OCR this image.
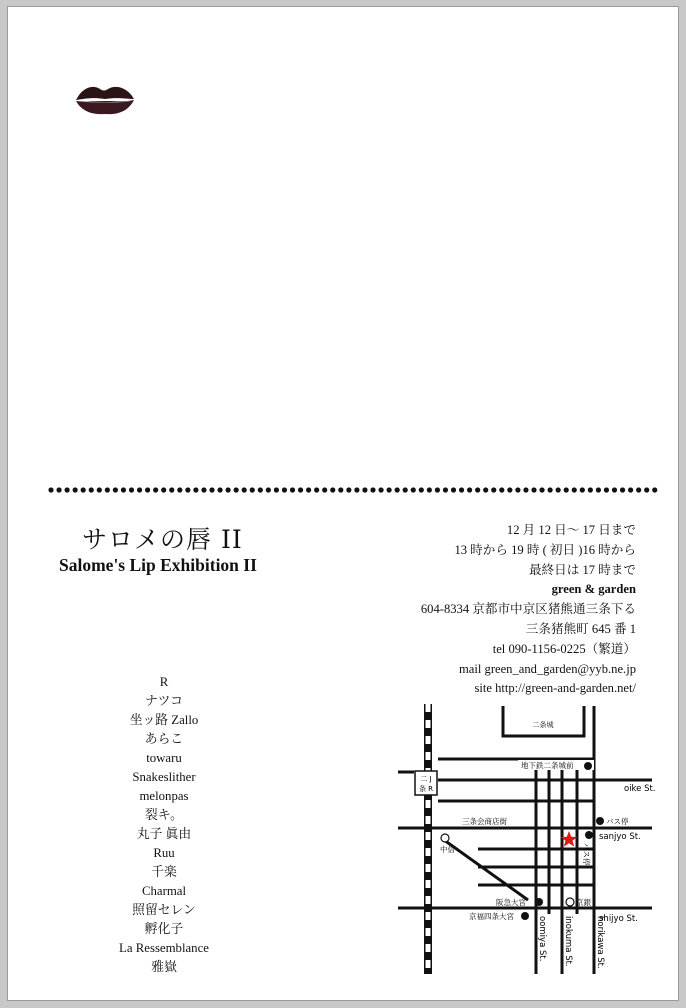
サロメの唇 II
Salome's Lip Exhibition II
12 月 12 日～ 17 日まで
13 時から 19 時 ( 初日 )16 時から
最終日は 17 時まで
green & garden
604-8334 京都市中京区猪熊通三条下る
三条猪熊町 645 番 1
tel 090-1156-0225（繁道）
mail green_and_garden@yyb.ne.jp
site http://green-and-garden.net/
R
ナツコ
坐ッ路 Zallo
あらこ
towaru
Snakeslither
melonpas
裂キ。
丸子 眞由
Ruu
千楽
Charmal
照留セレン
孵化子
La Ressemblance
雅嶽
二条城
二 J
条 R
地下鉄二条城前
oike St.
三条会商店街	バス停
sanjyo St.
バス停
中信
阪急大宮	京銀
京福四条大宮	shijyo St.
oomiya St. inokuma St.	horikawa St.
